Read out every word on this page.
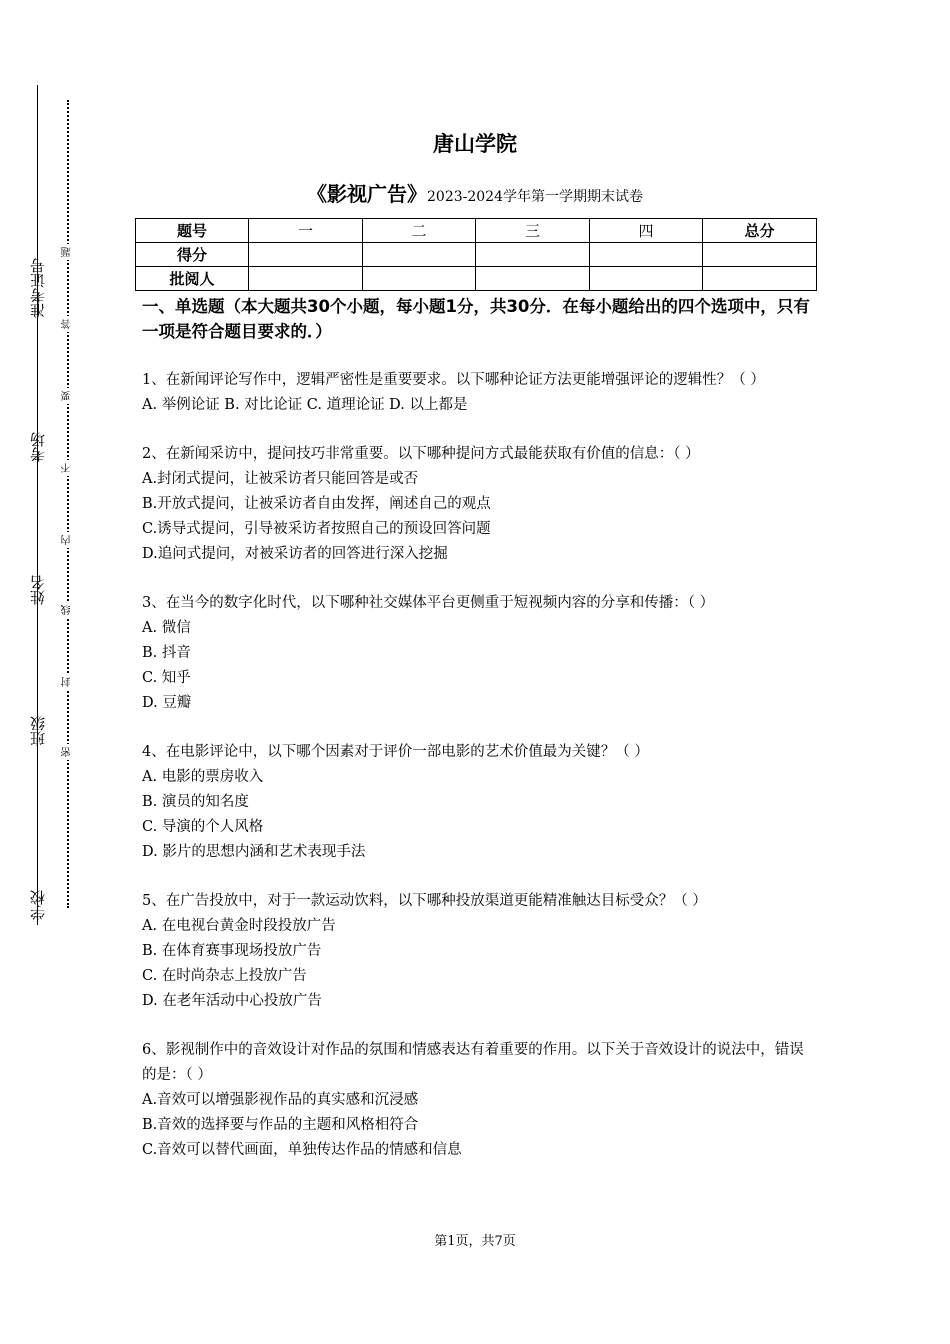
准考证号
考场
姓名
班级
学校
题
答
要
不
内
线
封
密
唐山学院
《影视广告》2023-2024学年第一学期期末试卷
题号	一	二	三	四	总分
得分					
批阅人					
一、单选题（本大题共30个小题，每小题1分，共30分．在每小题给出的四个选项中，只有一项是符合题目要求的．）
1、在新闻评论写作中，逻辑严密性是重要要求。以下哪种论证方法更能增强评论的逻辑性？（ ）
A. 举例论证 B. 对比论证 C. 道理论证 D. 以上都是
2、在新闻采访中，提问技巧非常重要。以下哪种提问方式最能获取有价值的信息：（ ）
A.封闭式提问，让被采访者只能回答是或否
B.开放式提问，让被采访者自由发挥，阐述自己的观点
C.诱导式提问，引导被采访者按照自己的预设回答问题
D.追问式提问，对被采访者的回答进行深入挖掘
3、在当今的数字化时代，以下哪种社交媒体平台更侧重于短视频内容的分享和传播：（ ）
A. 微信
B. 抖音
C. 知乎
D. 豆瓣
4、在电影评论中，以下哪个因素对于评价一部电影的艺术价值最为关键？（ ）
A. 电影的票房收入
B. 演员的知名度
C. 导演的个人风格
D. 影片的思想内涵和艺术表现手法
5、在广告投放中，对于一款运动饮料，以下哪种投放渠道更能精准触达目标受众？（ ）
A. 在电视台黄金时段投放广告
B. 在体育赛事现场投放广告
C. 在时尚杂志上投放广告
D. 在老年活动中心投放广告
6、影视制作中的音效设计对作品的氛围和情感表达有着重要的作用。以下关于音效设计的说法中，错误的是：（ ）
A.音效可以增强影视作品的真实感和沉浸感
B.音效的选择要与作品的主题和风格相符合
C.音效可以替代画面，单独传达作品的情感和信息
第1页，共7页
